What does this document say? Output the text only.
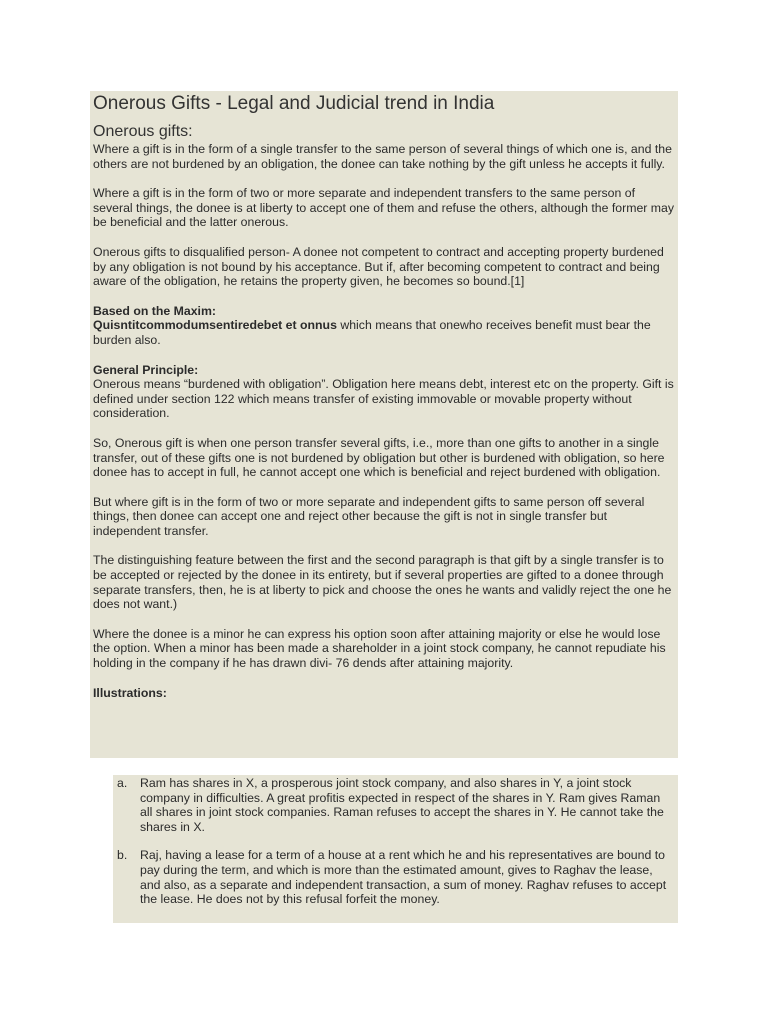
Onerous Gifts - Legal and Judicial trend in India
Onerous gifts:

Where a gift is in the form of a single transfer to the same person of several things of which one is, and the others are not burdened by an obligation, the donee can take nothing by the gift unless he accepts it fully.

Where a gift is in the form of two or more separate and independent transfers to the same person of several things, the donee is at liberty to accept one of them and refuse the others, although the former may be beneficial and the latter onerous.

Onerous gifts to disqualified person- A donee not competent to contract and accepting property burdened by any obligation is not bound by his acceptance. But if, after becoming competent to contract and being aware of the obligation, he retains the property given, he becomes so bound.[1]

Based on the Maxim:
Quisntitcommodumsentiredebet et onnus which means that onewho receives benefit must bear the burden also.

General Principle:
Onerous means “burdened with obligation”. Obligation here means debt, interest etc on the property. Gift is defined under section 122 which means transfer of existing immovable or movable property without consideration.

So, Onerous gift is when one person transfer several gifts, i.e., more than one gifts to another in a single transfer, out of these gifts one is not burdened by obligation but other is burdened with obligation, so here donee has to accept in full, he cannot accept one which is beneficial and reject burdened with obligation.

But where gift is in the form of two or more separate and independent gifts to same person off several things, then donee can accept one and reject other because the gift is not in single transfer but independent transfer.

The distinguishing feature between the first and the second paragraph is that gift by a single transfer is to be accepted or rejected by the donee in its entirety, but if several properties are gifted to a donee through separate transfers, then, he is at liberty to pick and choose the ones he wants and validly reject the one he does not want.)

Where the donee is a minor he can express his option soon after attaining majority or else he would lose the option. When a minor has been made a shareholder in a joint stock company, he cannot repudiate his holding in the company if he has drawn divi- 76 dends after attaining majority.

Illustrations:

a. Ram has shares in X, a prosperous joint stock company, and also shares in Y, a joint stock company in difficulties. A great profitis expected in respect of the shares in Y. Ram gives Raman all shares in joint stock companies. Raman refuses to accept the shares in Y. He cannot take the shares in X.
b. Raj, having a lease for a term of a house at a rent which he and his representatives are bound to pay during the term, and which is more than the estimated amount, gives to Raghav the lease, and also, as a separate and independent transaction, a sum of money. Raghav refuses to accept the lease. He does not by this refusal forfeit the money.
